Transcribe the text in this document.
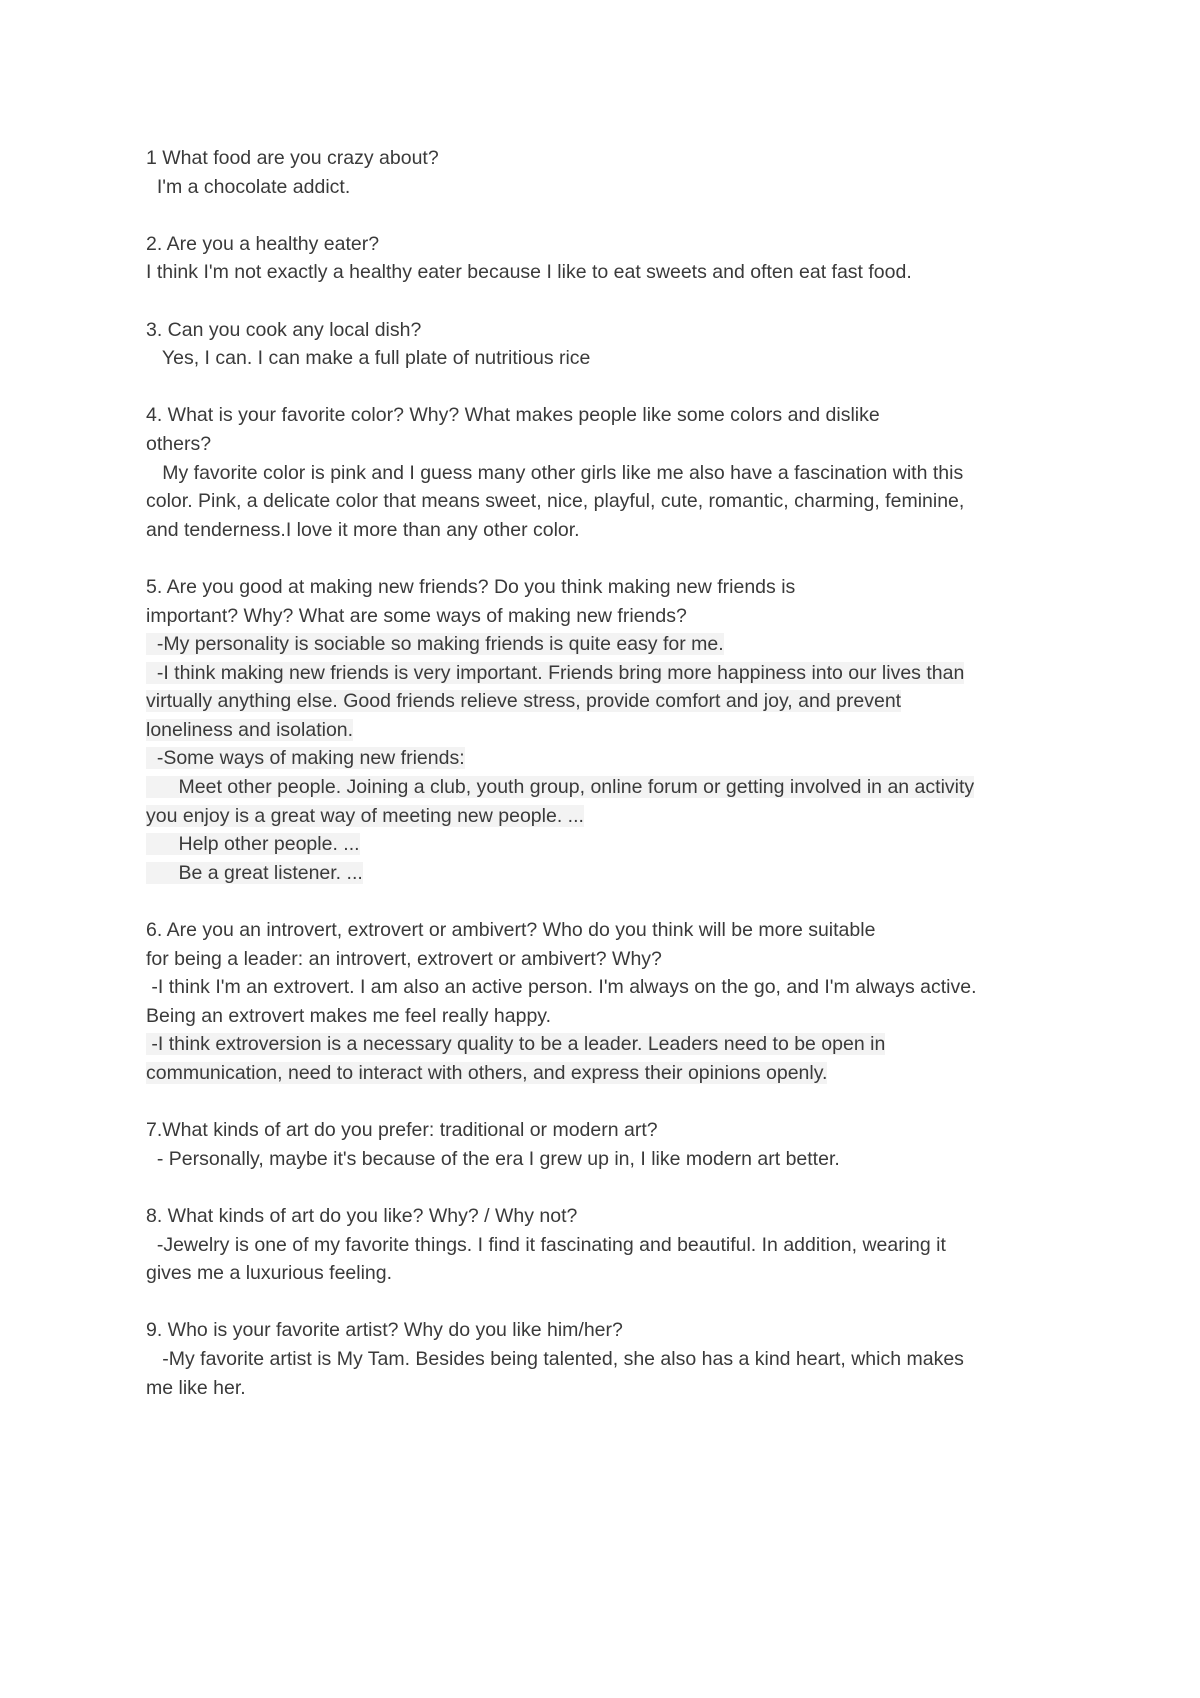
1 What food are you crazy about?
I'm a chocolate addict.
2. Are you a healthy eater?
I think I'm not exactly a healthy eater because I like to eat sweets and often eat fast food.
3. Can you cook any local dish?
Yes, I can. I can make a full plate of nutritious rice
4. What is your favorite color? Why? What makes people like some colors and dislike
others?
My favorite color is pink and I guess many other girls like me also have a fascination with this
color. Pink, a delicate color that means sweet, nice, playful, cute, romantic, charming, feminine,
and tenderness.I love it more than any other color.
5. Are you good at making new friends? Do you think making new friends is
important? Why? What are some ways of making new friends?
-My personality is sociable so making friends is quite easy for me.
-I think making new friends is very important. Friends bring more happiness into our lives than
virtually anything else. Good friends relieve stress, provide comfort and joy, and prevent
loneliness and isolation.
-Some ways of making new friends:
Meet other people. Joining a club, youth group, online forum or getting involved in an activity
you enjoy is a great way of meeting new people. ...
Help other people. ...
Be a great listener. ...
6. Are you an introvert, extrovert or ambivert? Who do you think will be more suitable
for being a leader: an introvert, extrovert or ambivert? Why?
-I think I'm an extrovert. I am also an active person. I'm always on the go, and I'm always active.
Being an extrovert makes me feel really happy.
-I think extroversion is a necessary quality to be a leader. Leaders need to be open in
communication, need to interact with others, and express their opinions openly.
7.What kinds of art do you prefer: traditional or modern art?
- Personally, maybe it's because of the era I grew up in, I like modern art better.
8. What kinds of art do you like? Why? / Why not?
-Jewelry is one of my favorite things. I find it fascinating and beautiful. In addition, wearing it
gives me a luxurious feeling.
9. Who is your favorite artist? Why do you like him/her?
-My favorite artist is My Tam. Besides being talented, she also has a kind heart, which makes
me like her.
